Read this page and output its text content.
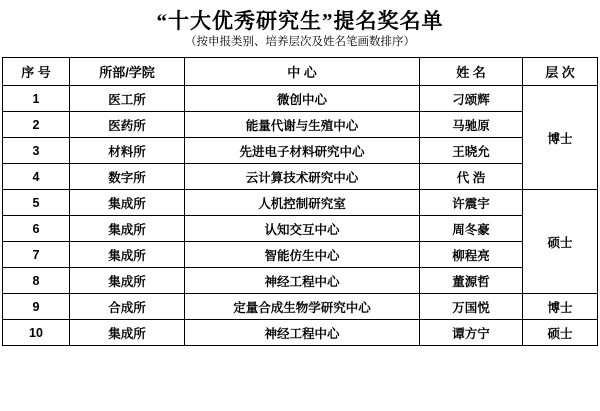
“十大优秀研究生”提名奖名单
（按申报类别、培养层次及姓名笔画数排序）
序 号	所部/学院	中 心	姓 名	层 次
1	医工所	微创中心	刁颂辉	博士
2	医药所	能量代谢与生殖中心	马驰原	
3	材料所	先进电子材料研究中心	王晓允	
4	数字所	云计算技术研究中心	代 浩	
5	集成所	人机控制研究室	许震宇	硕士
6	集成所	认知交互中心	周冬豪	
7	集成所	智能仿生中心	柳程亮	
8	集成所	神经工程中心	董源哲	
9	合成所	定量合成生物学研究中心	万国悦	博士
10	集成所	神经工程中心	谭方宁	硕士
